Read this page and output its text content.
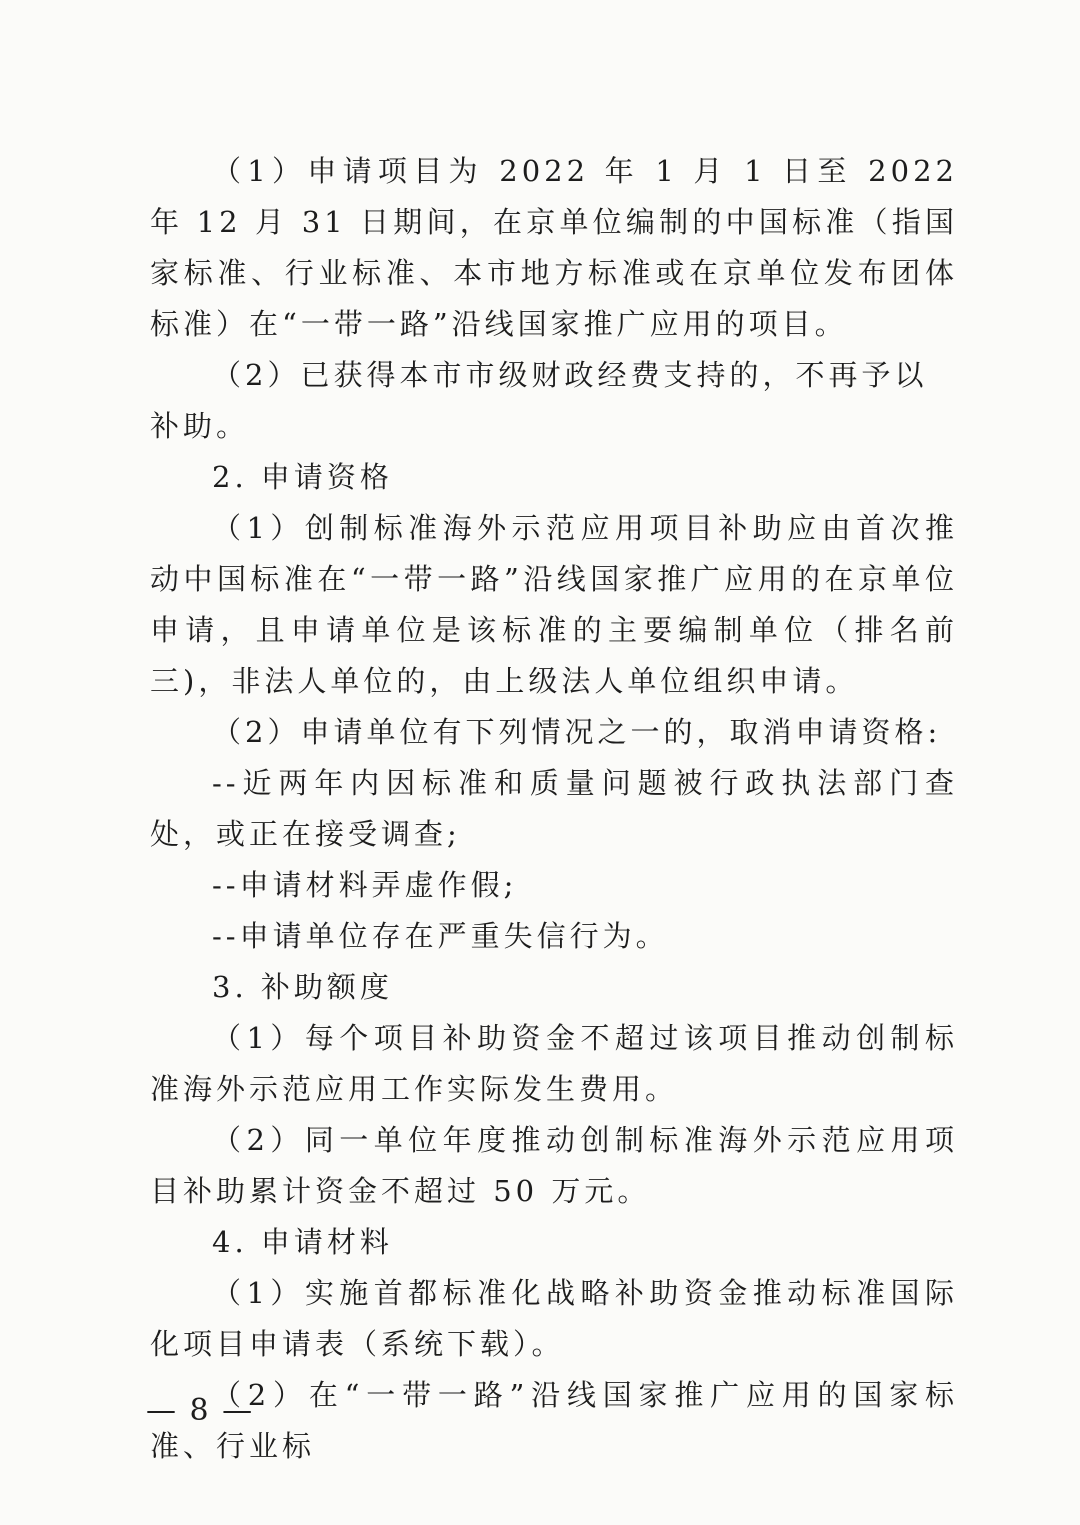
（1）申请项目为 2022 年 1 月 1 日至 2022 年 12 月 31 日期间，在京单位编制的中国标准（指国家标准、行业标准、本市地方标准或在京单位发布团体标准）在“一带一路”沿线国家推广应用的项目。

（2）已获得本市市级财政经费支持的，不再予以补助。

2. 申请资格

（1）创制标准海外示范应用项目补助应由首次推动中国标准在“一带一路”沿线国家推广应用的在京单位申请，且申请单位是该标准的主要编制单位（排名前三)，非法人单位的，由上级法人单位组织申请。

（2）申请单位有下列情况之一的，取消申请资格:

--近两年内因标准和质量问题被行政执法部门查处，或正在接受调查;

--申请材料弄虚作假;

--申请单位存在严重失信行为。

3. 补助额度

（1）每个项目补助资金不超过该项目推动创制标准海外示范应用工作实际发生费用。

（2）同一单位年度推动创制标准海外示范应用项目补助累计资金不超过 50 万元。

4. 申请材料

（1）实施首都标准化战略补助资金推动标准国际化项目申请表（系统下载）。

（2）在“一带一路”沿线国家推广应用的国家标准、行业标

— 8 —
